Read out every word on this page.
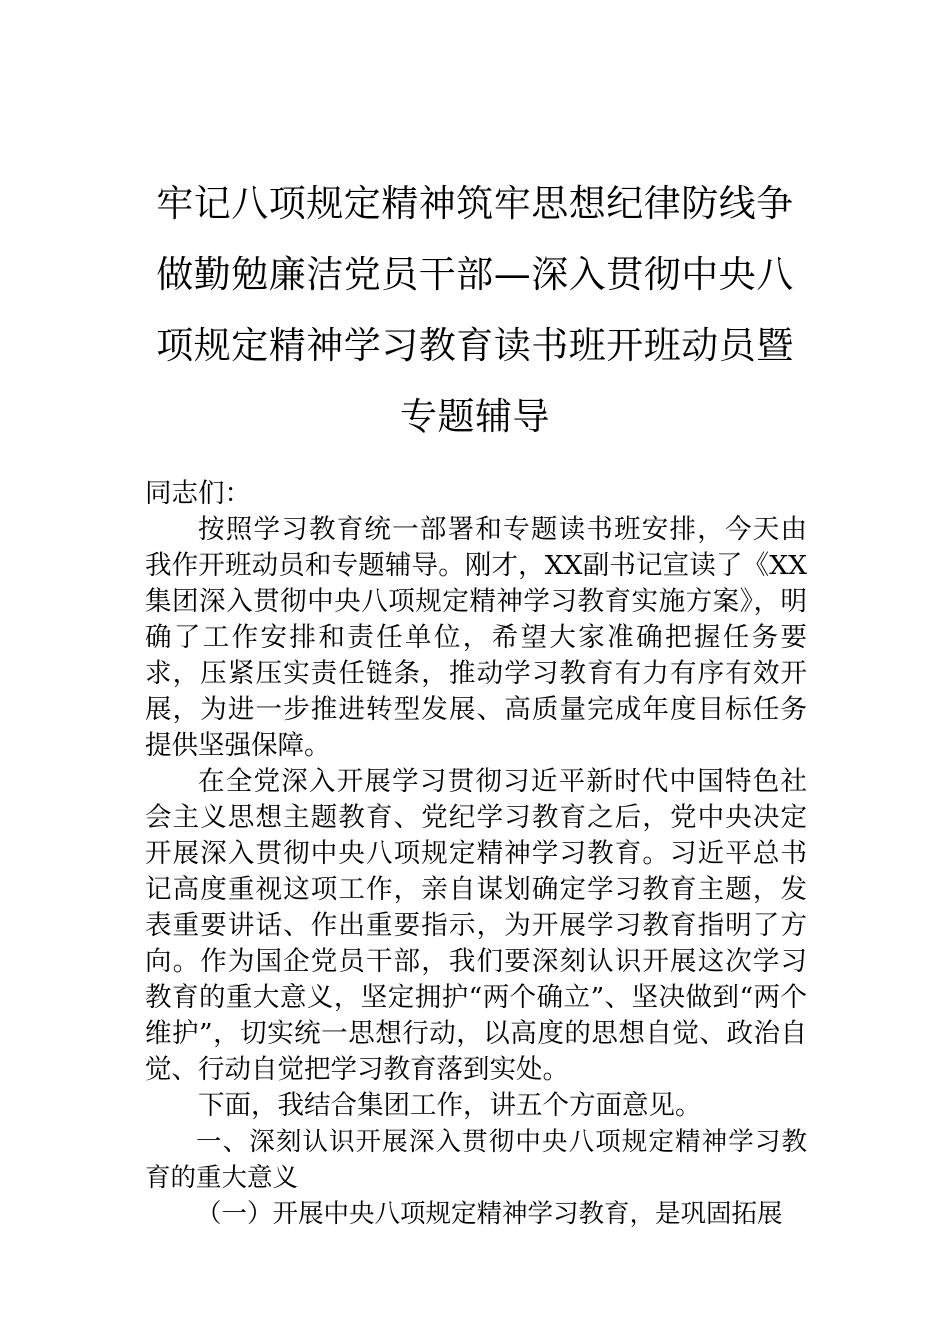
牢记八项规定精神筑牢思想纪律防线争做勤勉廉洁党员干部—深入贯彻中央八项规定精神学习教育读书班开班动员暨专题辅导

同志们：

按照学习教育统一部署和专题读书班安排，今天由我作开班动员和专题辅导。刚才，XX副书记宣读了《XX集团深入贯彻中央八项规定精神学习教育实施方案》，明确了工作安排和责任单位，希望大家准确把握任务要求，压紧压实责任链条，推动学习教育有力有序有效开展，为进一步推进转型发展、高质量完成年度目标任务提供坚强保障。

在全党深入开展学习贯彻习近平新时代中国特色社会主义思想主题教育、党纪学习教育之后，党中央决定开展深入贯彻中央八项规定精神学习教育。习近平总书记高度重视这项工作，亲自谋划确定学习教育主题，发表重要讲话、作出重要指示，为开展学习教育指明了方向。作为国企党员干部，我们要深刻认识开展这次学习教育的重大意义，坚定拥护“两个确立”、坚决做到“两个维护”，切实统一思想行动，以高度的思想自觉、政治自觉、行动自觉把学习教育落到实处。

下面，我结合集团工作，讲五个方面意见。

一、深刻认识开展深入贯彻中央八项规定精神学习教育的重大意义

（一）开展中央八项规定精神学习教育，是巩固拓展
